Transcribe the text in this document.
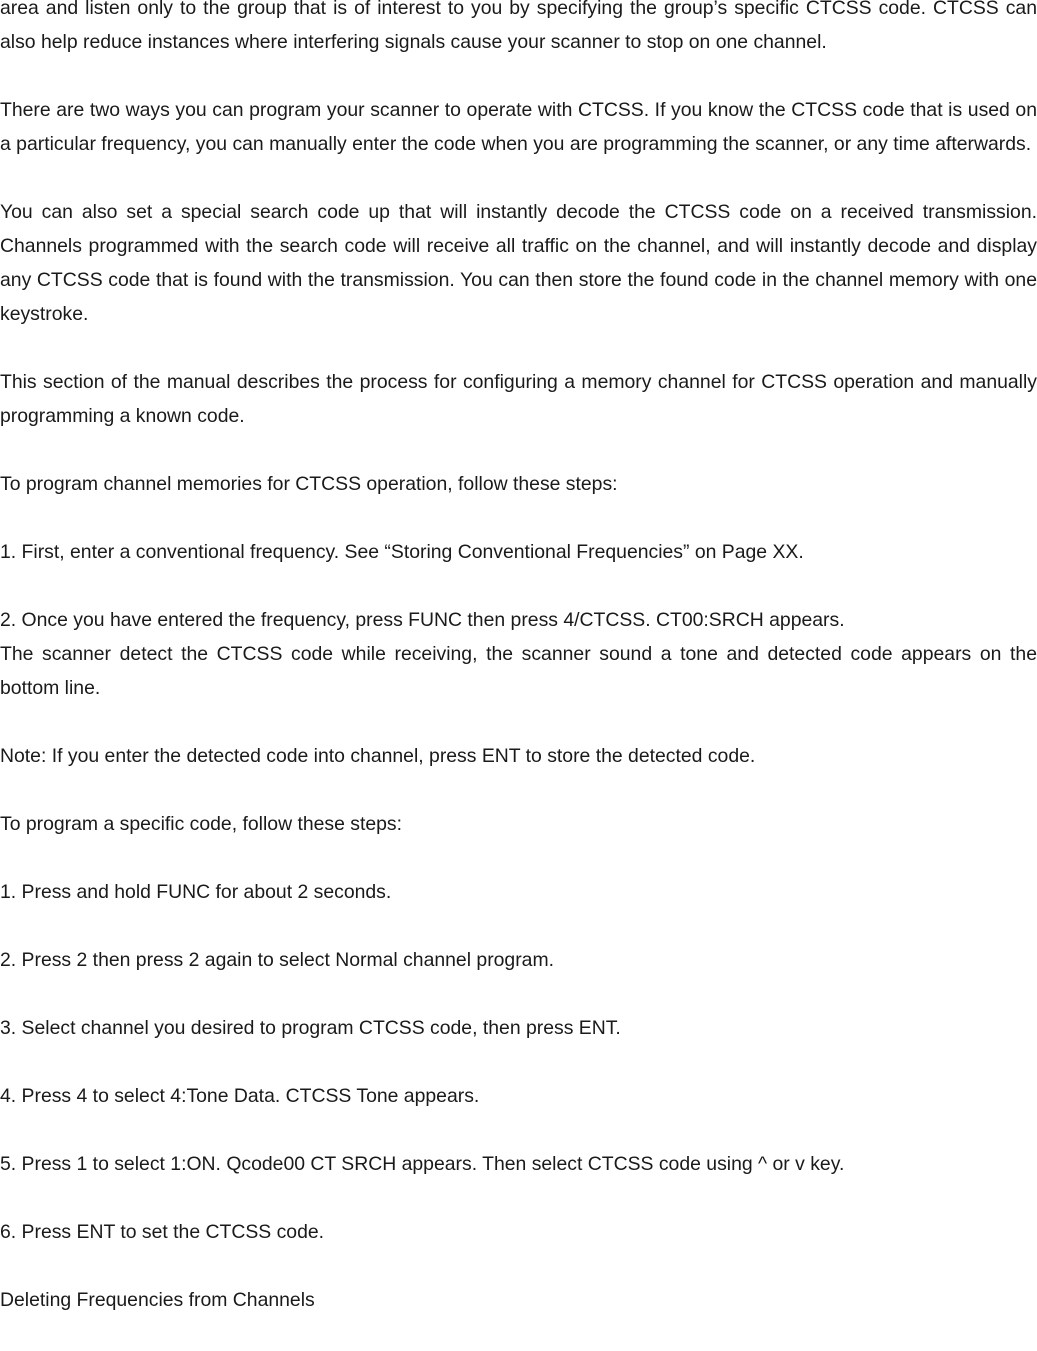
area and listen only to the group that is of interest to you by specifying the group’s specific CTCSS code. CTCSS can also help reduce instances where interfering signals cause your scanner to stop on one channel.

There are two ways you can program your scanner to operate with CTCSS. If you know the CTCSS code that is used on a particular frequency, you can manually enter the code when you are programming the scanner, or any time afterwards.

You can also set a special search code up that will instantly decode the CTCSS code on a received transmission. Channels programmed with the search code will receive all traffic on the channel, and will instantly decode and display any CTCSS code that is found with the transmission. You can then store the found code in the channel memory with one keystroke.

This section of the manual describes the process for configuring a memory channel for CTCSS operation and manually programming a known code.

To program channel memories for CTCSS operation, follow these steps:

1. First, enter a conventional frequency. See “Storing Conventional Frequencies” on Page XX.

2. Once you have entered the frequency, press FUNC then press 4/CTCSS. CT00:SRCH appears.
The scanner detect the CTCSS code while receiving, the scanner sound a tone and detected code appears on the bottom line.

Note: If you enter the detected code into channel, press ENT to store the detected code.

To program a specific code, follow these steps:

1. Press and hold FUNC for about 2 seconds.

2. Press 2 then press 2 again to select Normal channel program.

3. Select channel you desired to program CTCSS code, then press ENT.

4. Press 4 to select 4:Tone Data. CTCSS Tone appears.

5. Press 1 to select 1:ON. Qcode00 CT SRCH appears. Then select CTCSS code using ^ or v key.

6. Press ENT to set the CTCSS code.

Deleting Frequencies from Channels
